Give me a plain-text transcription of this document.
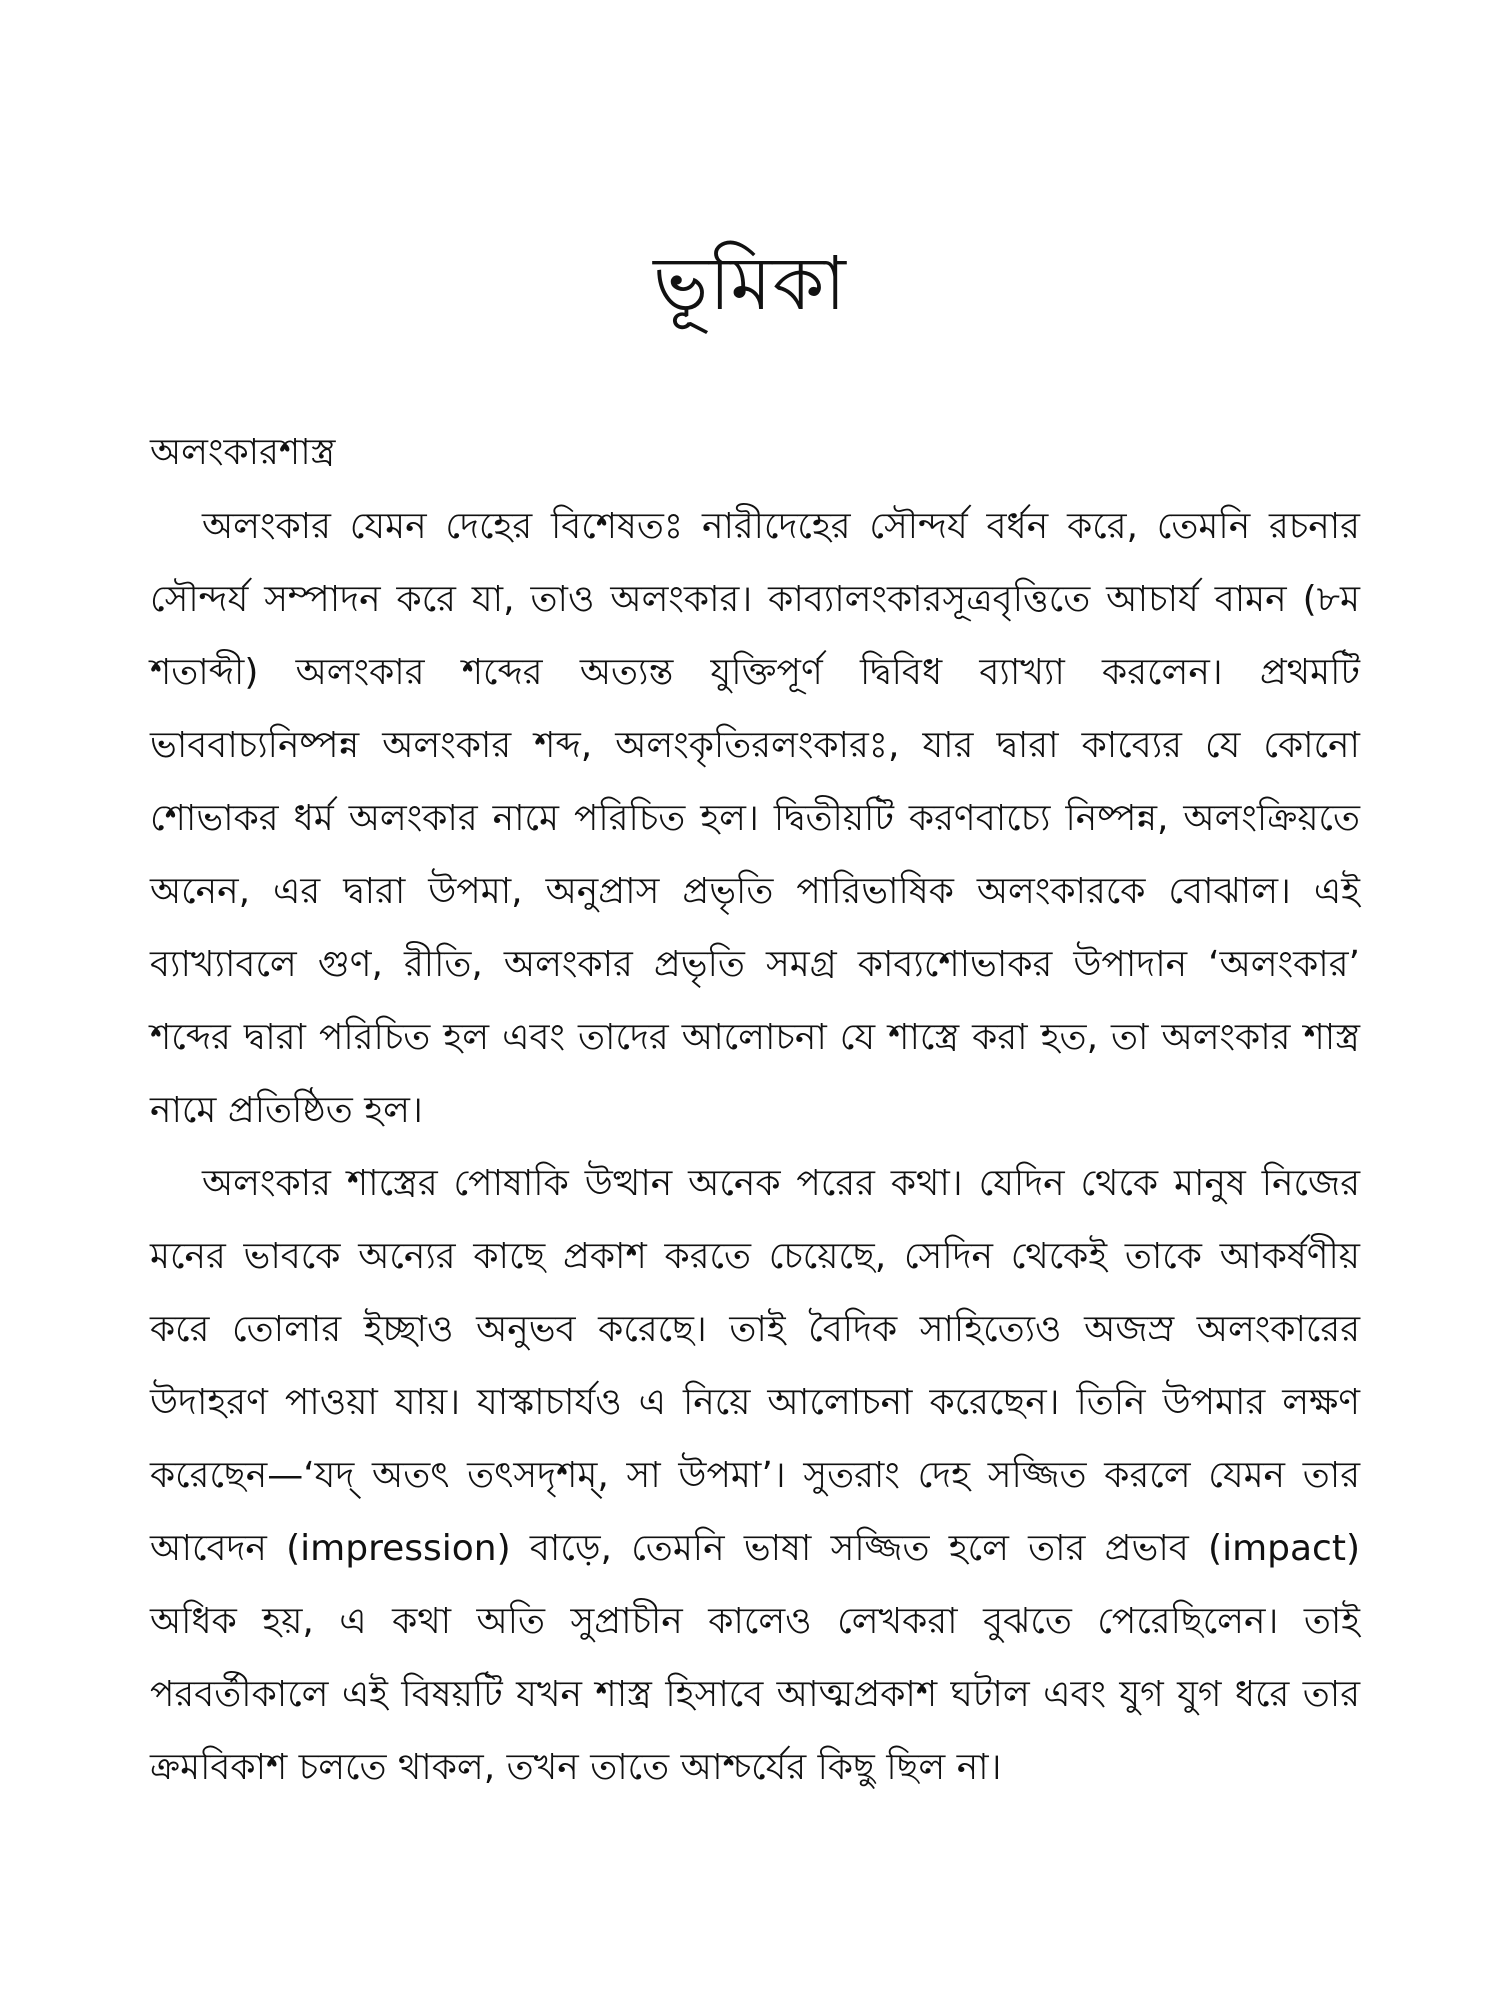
ভূমিকা
অলংকারশাস্ত্র

অলংকার যেমন দেহের বিশেষতঃ নারীদেহের সৌন্দর্য বর্ধন করে, তেমনি রচনার সৌন্দর্য সম্পাদন করে যা, তাও অলংকার। কাব্যালংকারসূত্রবৃত্তিতে আচার্য বামন (৮ম শতাব্দী) অলংকার শব্দের অত্যন্ত যুক্তিপূর্ণ দ্বিবিধ ব্যাখ্যা করলেন। প্রথমটি ভাববাচ্যনিষ্পন্ন অলংকার শব্দ, অলংকৃতিরলংকারঃ, যার দ্বারা কাব্যের যে কোনো শোভাকর ধর্ম অলংকার নামে পরিচিত হল। দ্বিতীয়টি করণবাচ্যে নিষ্পন্ন, অলংক্রিয়তে অনেন, এর দ্বারা উপমা, অনুপ্রাস প্রভৃতি পারিভাষিক অলংকারকে বোঝাল। এই ব্যাখ্যাবলে গুণ, রীতি, অলংকার প্রভৃতি সমগ্র কাব্যশোভাকর উপাদান ‘অলংকার’ শব্দের দ্বারা পরিচিত হল এবং তাদের আলোচনা যে শাস্ত্রে করা হত, তা অলংকার শাস্ত্র নামে প্রতিষ্ঠিত হল।

অলংকার শাস্ত্রের পোষাকি উত্থান অনেক পরের কথা। যেদিন থেকে মানুষ নিজের মনের ভাবকে অন্যের কাছে প্রকাশ করতে চেয়েছে, সেদিন থেকেই তাকে আকর্ষণীয় করে তোলার ইচ্ছাও অনুভব করেছে। তাই বৈদিক সাহিত্যেও অজস্র অলংকারের উদাহরণ পাওয়া যায়। যাস্কাচার্যও এ নিয়ে আলোচনা করেছেন। তিনি উপমার লক্ষণ করেছেন—‘যদ্ অতৎ তৎসদৃশম্, সা উপমা’। সুতরাং দেহ সজ্জিত করলে যেমন তার আবেদন (impression) বাড়ে, তেমনি ভাষা সজ্জিত হলে তার প্রভাব (impact) অধিক হয়, এ কথা অতি সুপ্রাচীন কালেও লেখকরা বুঝতে পেরেছিলেন। তাই পরবর্তীকালে এই বিষয়টি যখন শাস্ত্র হিসাবে আত্মপ্রকাশ ঘটাল এবং যুগ যুগ ধরে তার ক্রমবিকাশ চলতে থাকল, তখন তাতে আশ্চর্যের কিছু ছিল না।
